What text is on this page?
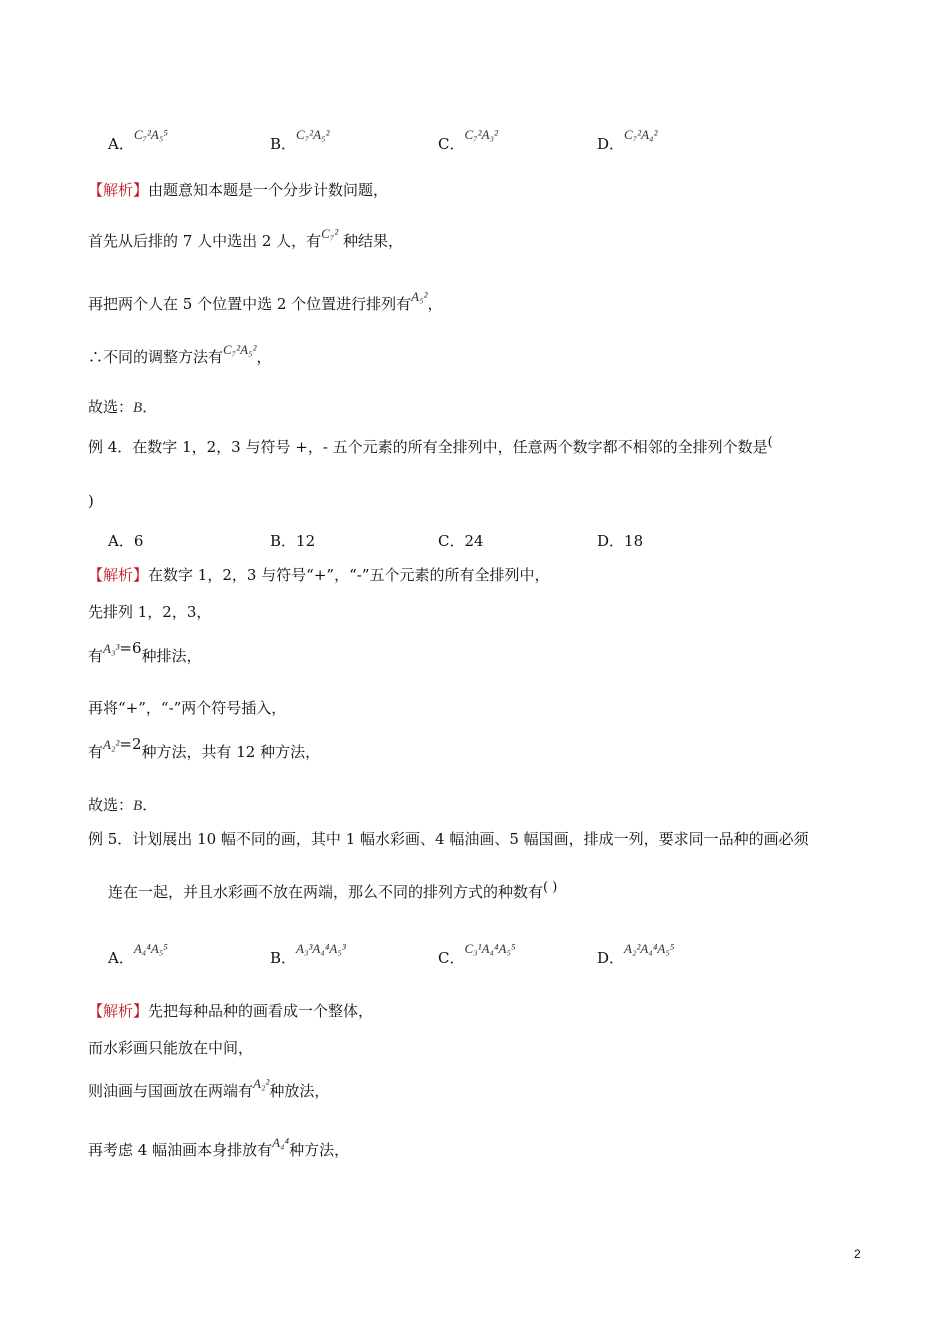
A．C₇²A₅⁵
B．C₇²A₅²
C．C₇²A₃²
D．C₇²A₄²
【解析】由题意知本题是一个分步计数问题，
首先从后排的 7 人中选出 2 人，有C₇² 种结果，
再把两个人在 5 个位置中选 2 个位置进行排列有A₅²，
∴不同的调整方法有C₇²A₅²，
故选：B．
例 4．在数字 1，2，3 与符号 +，- 五个元素的所有全排列中，任意两个数字都不相邻的全排列个数是(
)
A．6	B．12	C．24	D．18
【解析】在数字 1，2，3 与符号“+”，“-”五个元素的所有全排列中，
先排列 1，2，3，
有A₃³=6种排法，
再将“+”，“-”两个符号插入，
有A₂²=2种方法，共有 12 种方法，
故选：B．
例 5．计划展出 10 幅不同的画，其中 1 幅水彩画、4 幅油画、5 幅国画，排成一列，要求同一品种的画必须
连在一起，并且水彩画不放在两端，那么不同的排列方式的种数有( )
A．A₄⁴A₅⁵
B．A₃³A₄⁴A₅³
C．C₃¹A₄⁴A₅⁵
D．A₂²A₄⁴A₅⁵
【解析】先把每种品种的画看成一个整体，
而水彩画只能放在中间，
则油画与国画放在两端有A₂²种放法，
再考虑 4 幅油画本身排放有A₄⁴种方法，
2
